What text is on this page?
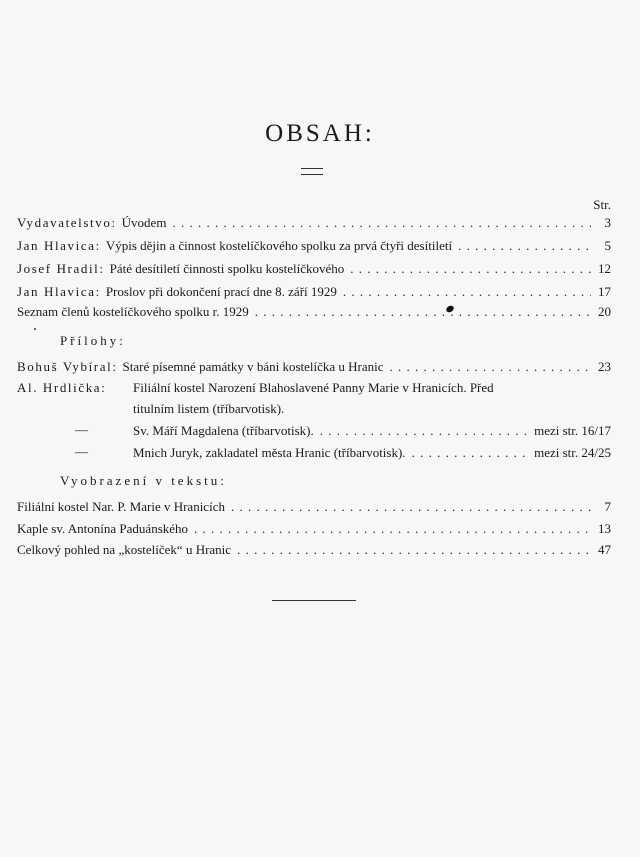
OBSAH:
Str.
Vydavatelstvo: Úvodem . . .	3
Jan Hlavica: Výpis dějin a činnost kostelíčkového spolku za prvá čtyři desítiletí . . .	5
Josef Hradil: Páté desítiletí činnosti spolku kostelíčkového . . .	12
Jan Hlavica: Proslov při dokončení prací dne 8. září 1929 . . .	17
Seznam členů kostelíčkového spolku r. 1929 . . .	20
Přílohy:
Bohuš Vybíral: Staré písemné památky v báni kostelíčka u Hranic . . .	23
Al. Hrdlička:	Filiální kostel Narození Blahoslavené Panny Marie v Hranicích. Před
titulním listem (tříbarvotisk).
—	Sv. Máří Magdalena (tříbarvotisk). . . .	mezi str. 16/17
—	Mnich Juryk, zakladatel města Hranic (tříbarvotisk). . . .	mezi str. 24/25
Vyobrazení v tekstu:
Filiální kostel Nar. P. Marie v Hranicích . . .	7
Kaple sv. Antonína Paduánského . . .	13
Celkový pohled na „kostelíček“ u Hranic . . .	47
